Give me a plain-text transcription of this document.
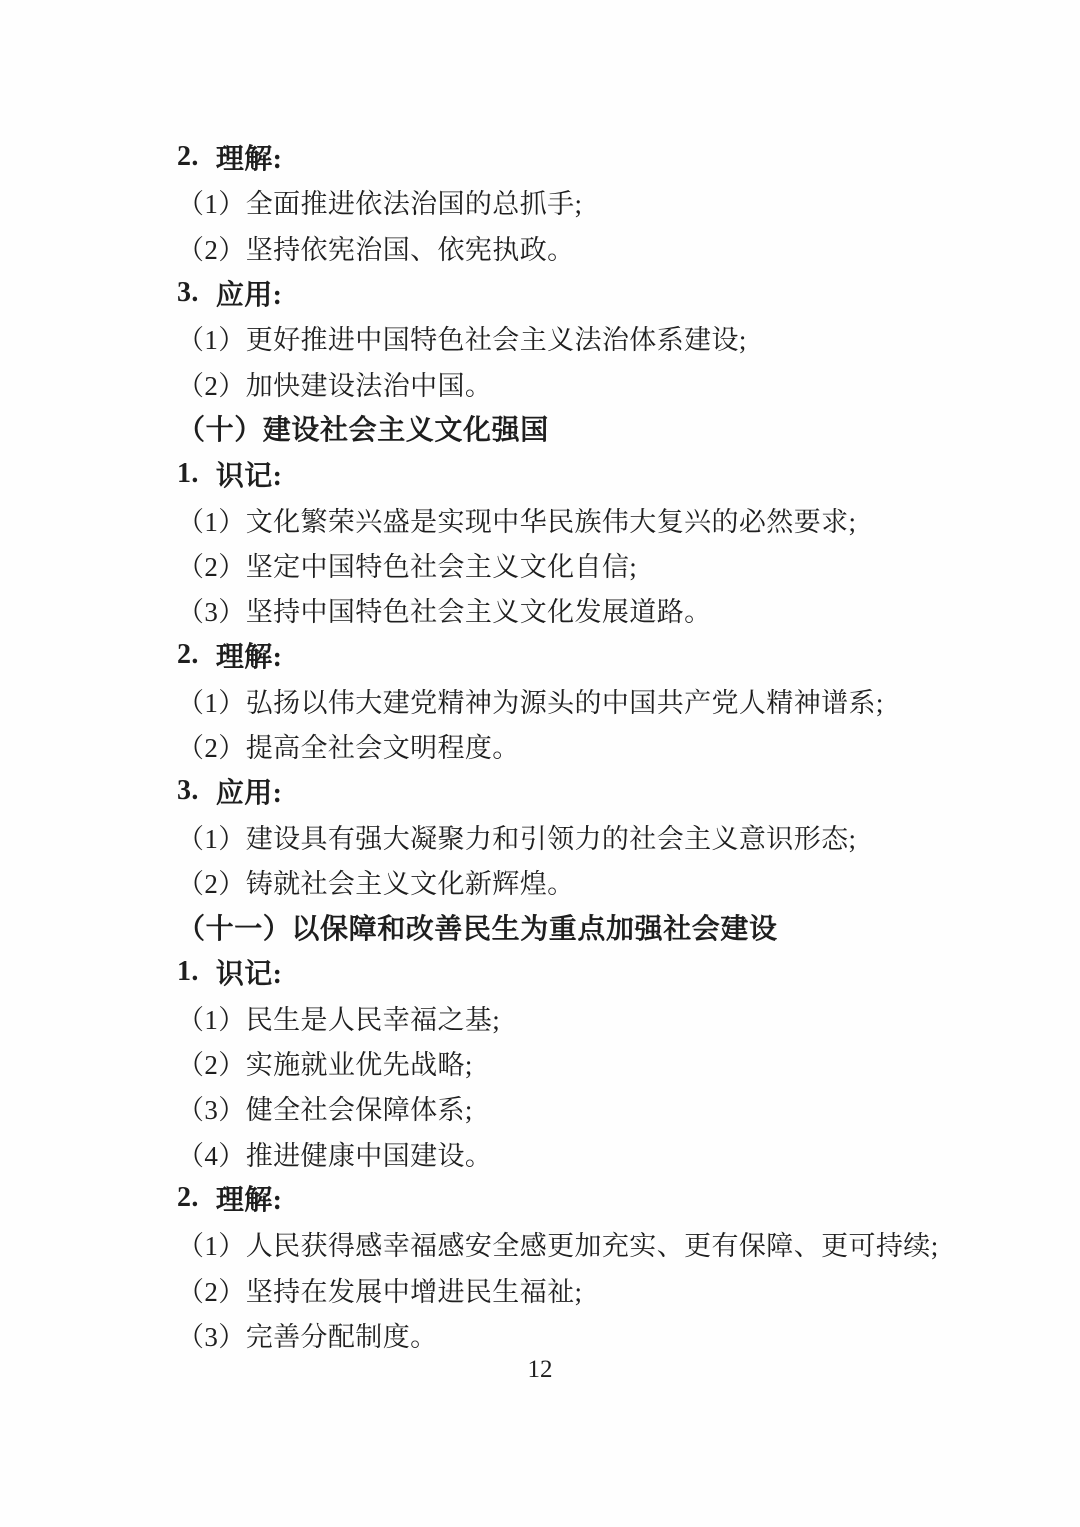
2. 理解:
（1）全面推进依法治国的总抓手;
（2）坚持依宪治国、依宪执政。
3. 应用:
（1）更好推进中国特色社会主义法治体系建设;
（2）加快建设法治中国。
（十）建设社会主义文化强国
1. 识记:
（1）文化繁荣兴盛是实现中华民族伟大复兴的必然要求;
（2）坚定中国特色社会主义文化自信;
（3）坚持中国特色社会主义文化发展道路。
2. 理解:
（1）弘扬以伟大建党精神为源头的中国共产党人精神谱系;
（2）提高全社会文明程度。
3. 应用:
（1）建设具有强大凝聚力和引领力的社会主义意识形态;
（2）铸就社会主义文化新辉煌。
（十一）以保障和改善民生为重点加强社会建设
1. 识记:
（1）民生是人民幸福之基;
（2）实施就业优先战略;
（3）健全社会保障体系;
（4）推进健康中国建设。
2. 理解:
（1）人民获得感幸福感安全感更加充实、更有保障、更可持续;
（2）坚持在发展中增进民生福祉;
（3）完善分配制度。
12
